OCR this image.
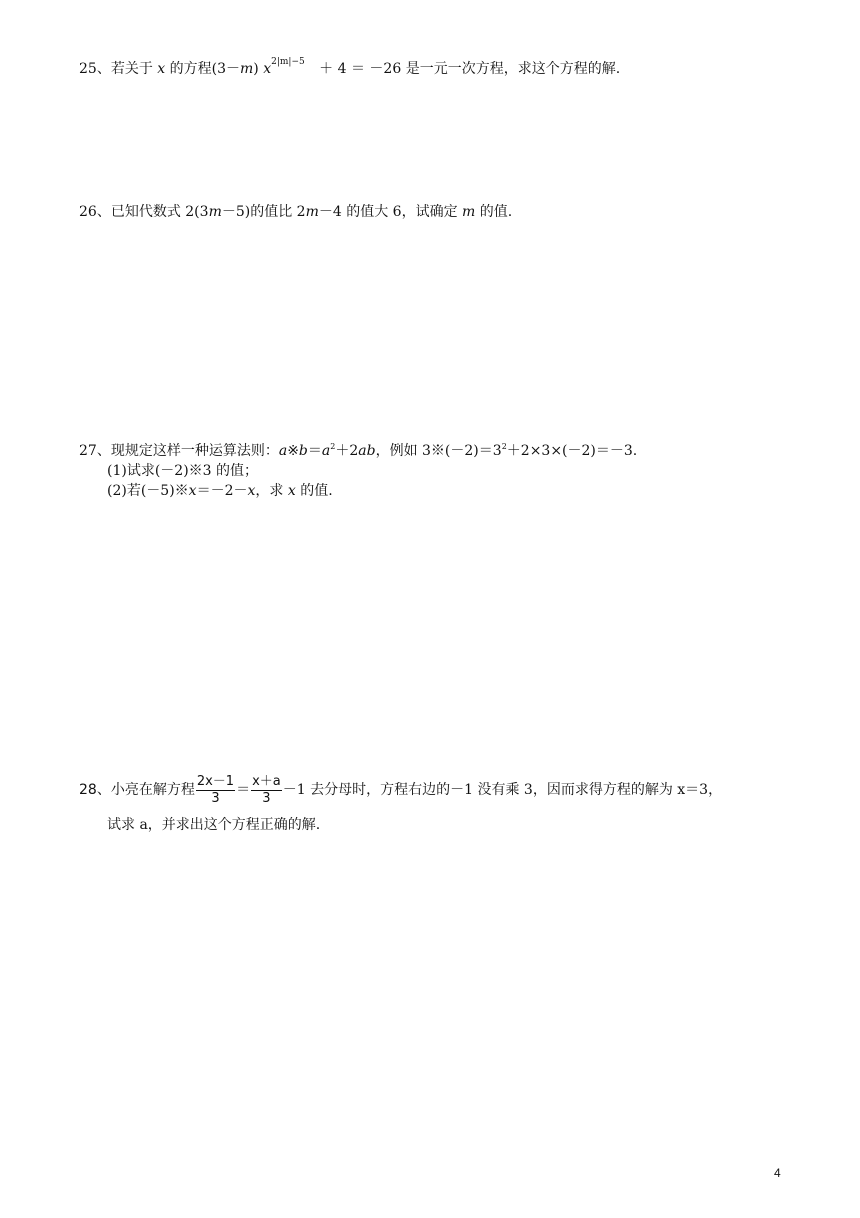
25、若关于 x 的方程(3－m) $x^{2|m|-5} + 4 = -26$ 是一元一次方程，求这个方程的解.
26、已知代数式 2(3m－5)的值比 2m－4 的值大 6，试确定 m 的值.
27、现规定这样一种运算法则：$a※b=a^2+2ab$，例如 $3※(-2)=3^2+2\times 3\times(-2)=-3$.
(1)试求(－2)※3 的值；
(2)若(－5)※x＝－2－x，求 x 的值.
28、小亮在解方程 $\frac{2x-1}{3} = \frac{x+a}{3} -1$ 去分母时，方程右边的－1 没有乘 3，因而求得方程的解为 x＝3，
试求 a，并求出这个方程正确的解.
4
